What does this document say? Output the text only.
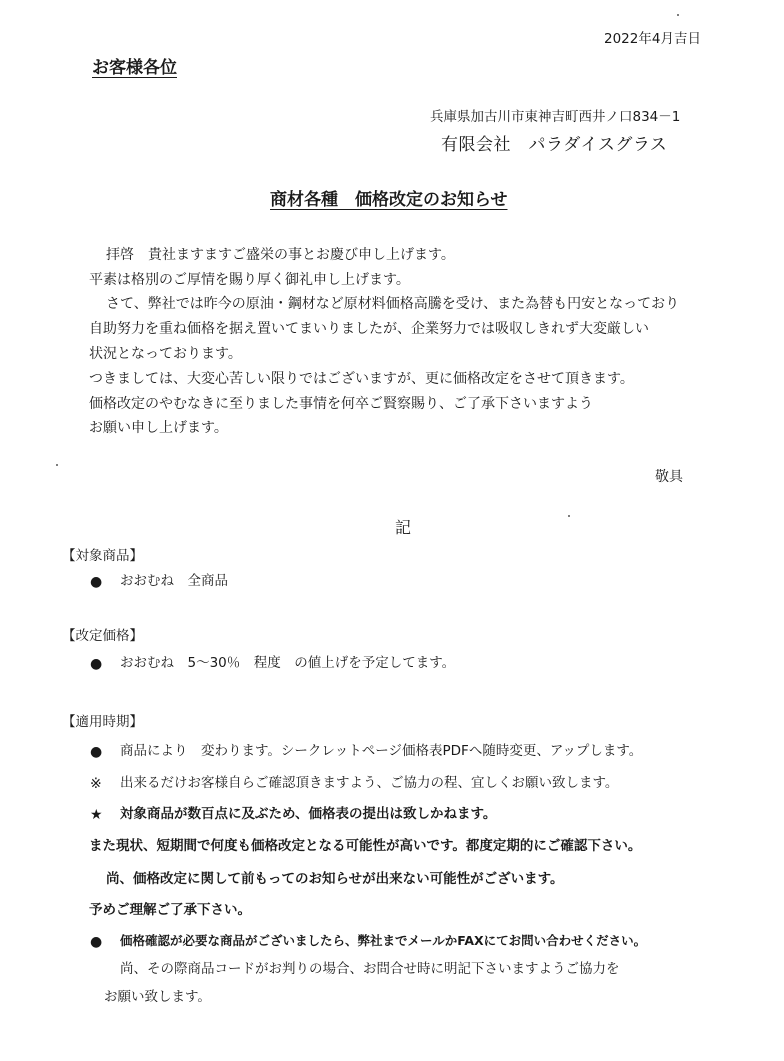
2022年4月吉日
お客様各位
兵庫県加古川市東神吉町西井ノ口834－1
有限会社　パラダイスグラス
商材各種　価格改定のお知らせ
拝啓　貴社ますますご盛栄の事とお慶び申し上げます。
平素は格別のご厚情を賜り厚く御礼申し上げます。
さて、弊社では昨今の原油・鋼材など原材料価格高騰を受け、また為替も円安となっており
自助努力を重ね価格を据え置いてまいりましたが、企業努力では吸収しきれず大変厳しい
状況となっております。
つきましては、大変心苦しい限りではございますが、更に価格改定をさせて頂きます。
価格改定のやむなきに至りました事情を何卒ご賢察賜り、ご了承下さいますよう
お願い申し上げます。
敬具
記
【対象商品】
● おおむね　全商品
【改定価格】
● おおむね　5～30％　程度　の値上げを予定してます。
【適用時期】
● 商品により　変わります。シークレットページ価格表PDFへ随時変更、アップします。
※ 出来るだけお客様自らご確認頂きますよう、ご協力の程、宜しくお願い致します。
★ 対象商品が数百点に及ぶため、価格表の提出は致しかねます。
また現状、短期間で何度も価格改定となる可能性が高いです。都度定期的にご確認下さい。
尚、価格改定に関して前もってのお知らせが出来ない可能性がございます。
予めご理解ご了承下さい。
● 価格確認が必要な商品がございましたら、弊社までメールかFAXにてお問い合わせください。
尚、その際商品コードがお判りの場合、お問合せ時に明記下さいますようご協力を
お願い致します。
